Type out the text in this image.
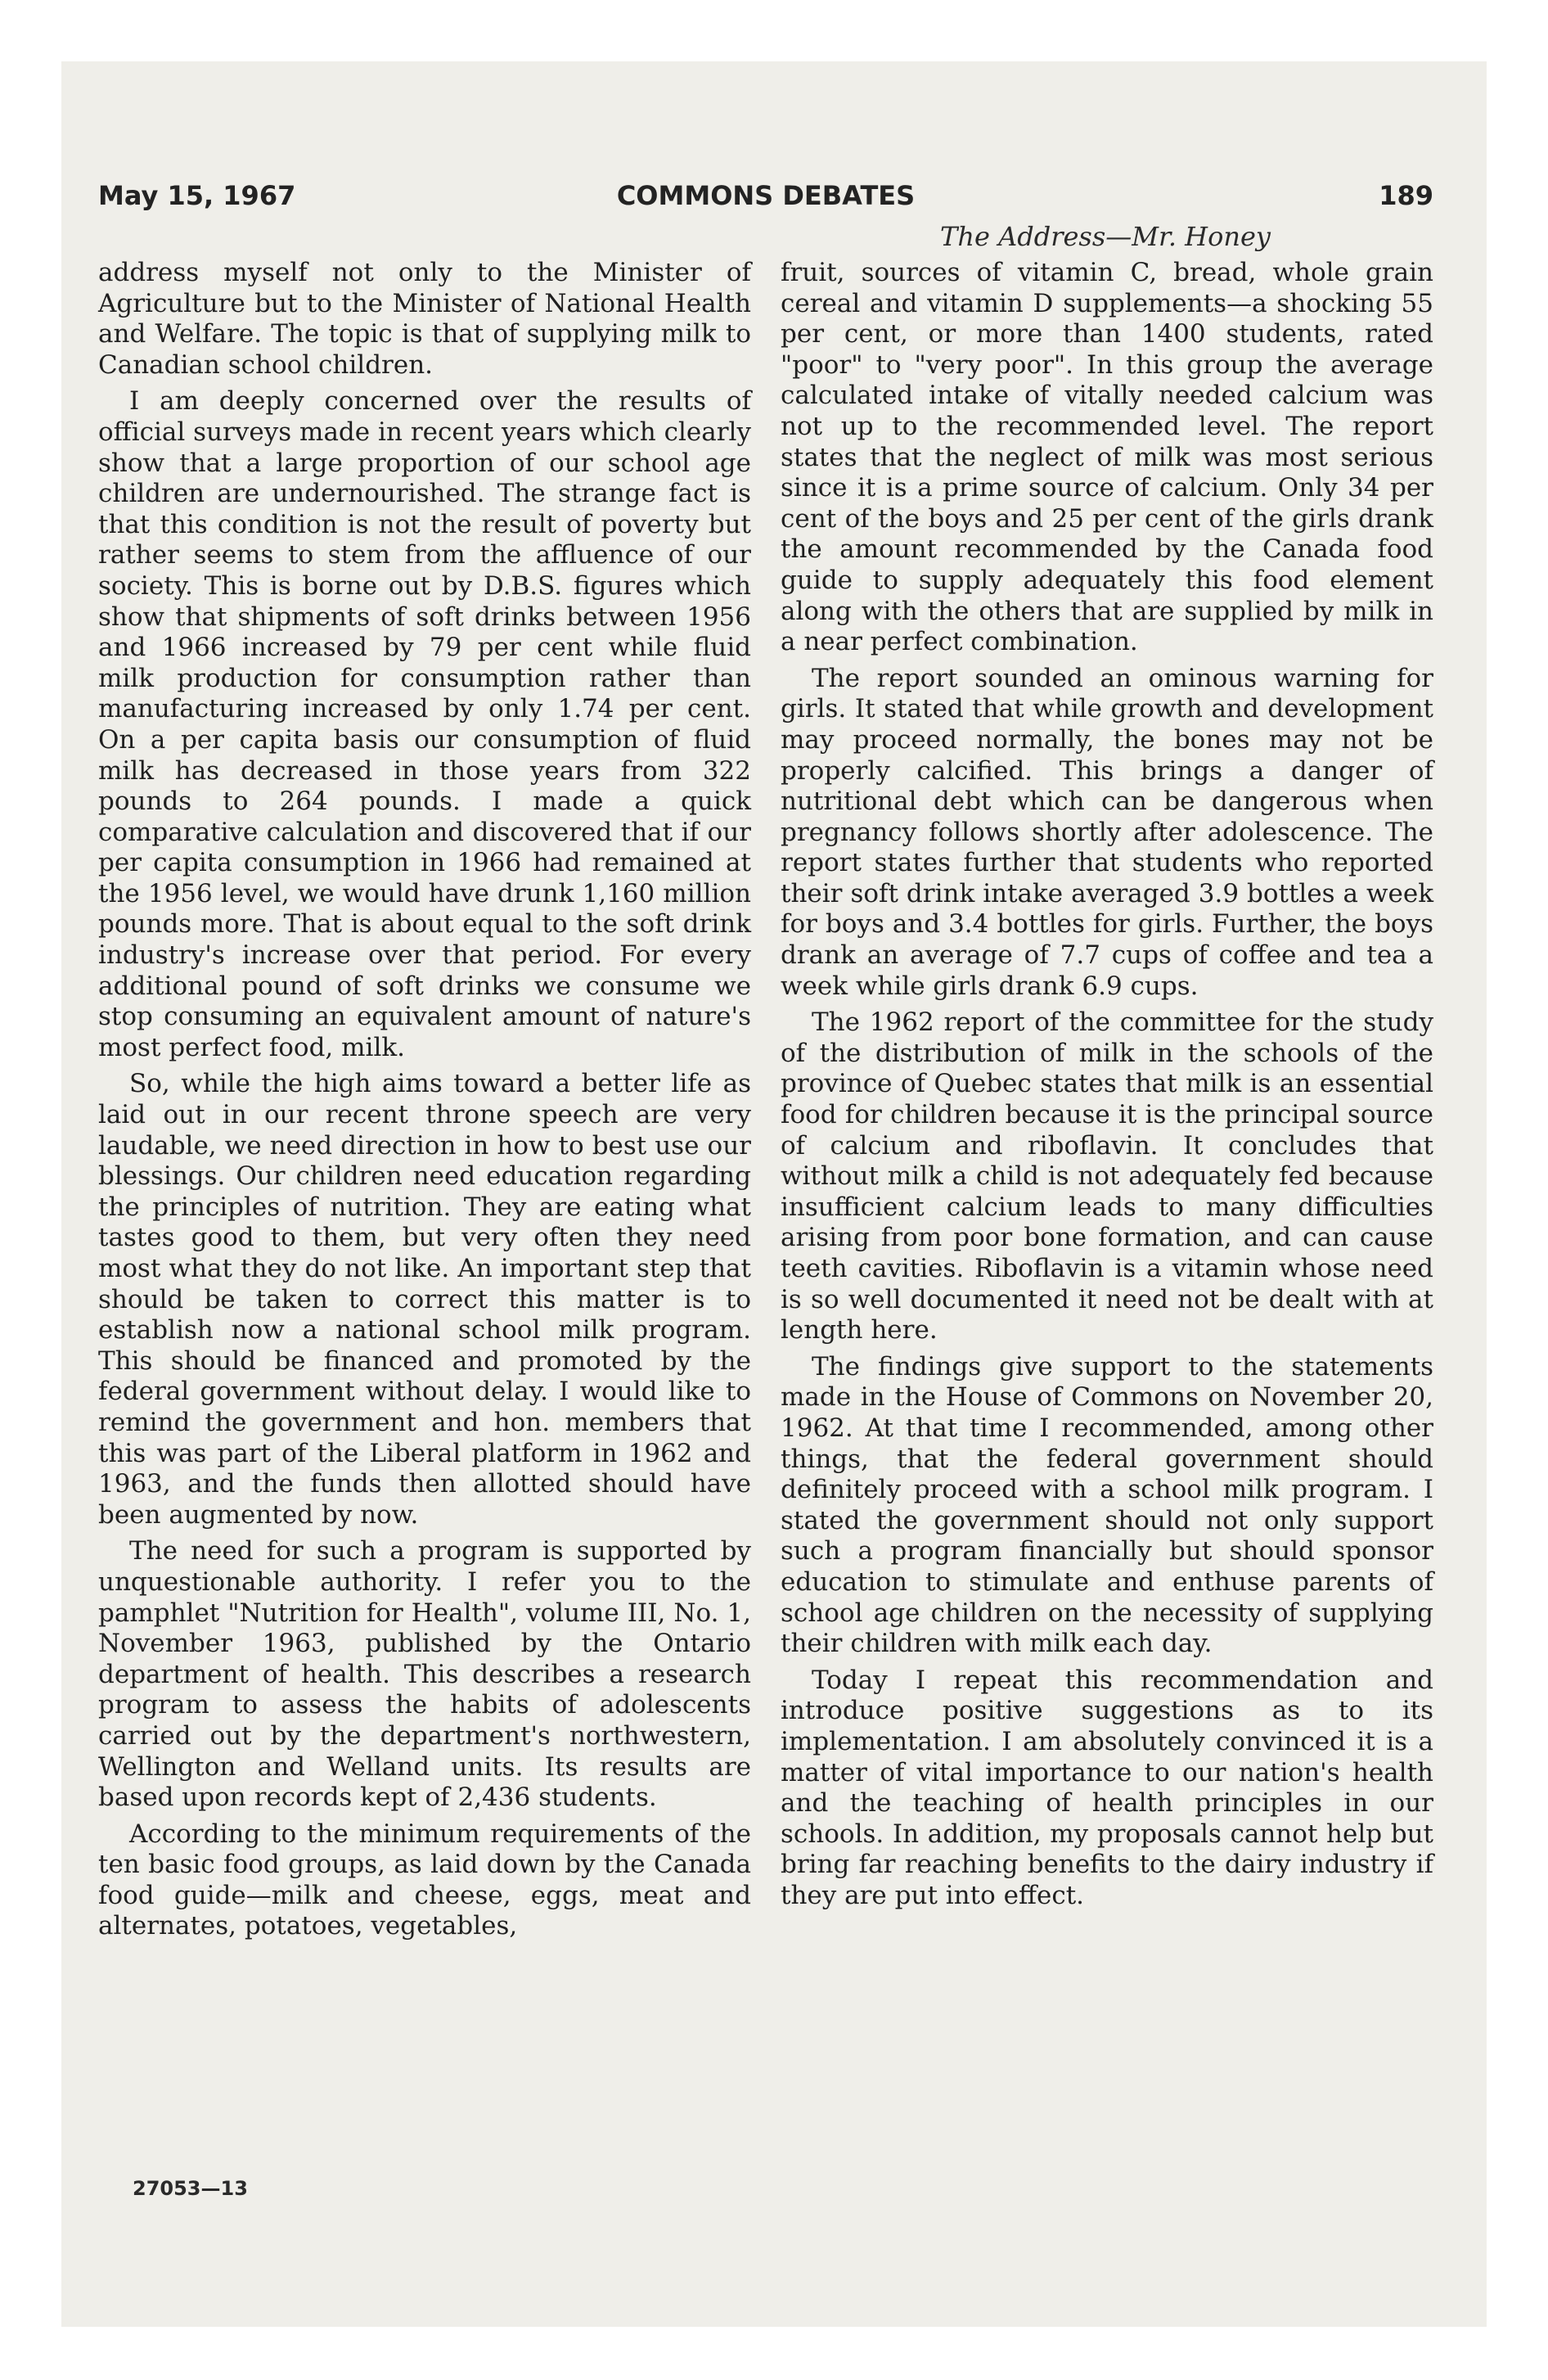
May 15, 1967	COMMONS DEBATES	189
The Address—Mr. Honey

address myself not only to the Minister of Agriculture but to the Minister of National Health and Welfare. The topic is that of supplying milk to Canadian school children.

I am deeply concerned over the results of official surveys made in recent years which clearly show that a large proportion of our school age children are undernourished. The strange fact is that this condition is not the result of poverty but rather seems to stem from the affluence of our society. This is borne out by D.B.S. figures which show that shipments of soft drinks between 1956 and 1966 increased by 79 per cent while fluid milk production for consumption rather than manufacturing increased by only 1.74 per cent. On a per capita basis our consumption of fluid milk has decreased in those years from 322 pounds to 264 pounds. I made a quick comparative calculation and discovered that if our per capita consumption in 1966 had remained at the 1956 level, we would have drunk 1,160 million pounds more. That is about equal to the soft drink industry's increase over that period. For every additional pound of soft drinks we consume we stop consuming an equivalent amount of nature's most perfect food, milk.

So, while the high aims toward a better life as laid out in our recent throne speech are very laudable, we need direction in how to best use our blessings. Our children need education regarding the principles of nutrition. They are eating what tastes good to them, but very often they need most what they do not like. An important step that should be taken to correct this matter is to establish now a national school milk program. This should be financed and promoted by the federal government without delay. I would like to remind the government and hon. members that this was part of the Liberal platform in 1962 and 1963, and the funds then allotted should have been augmented by now.

The need for such a program is supported by unquestionable authority. I refer you to the pamphlet "Nutrition for Health", volume III, No. 1, November 1963, published by the Ontario department of health. This describes a research program to assess the habits of adolescents carried out by the department's northwestern, Wellington and Welland units. Its results are based upon records kept of 2,436 students.

According to the minimum requirements of the ten basic food groups, as laid down by the Canada food guide—milk and cheese, eggs, meat and alternates, potatoes, vegetables,

fruit, sources of vitamin C, bread, whole grain cereal and vitamin D supplements—a shocking 55 per cent, or more than 1400 students, rated "poor" to "very poor". In this group the average calculated intake of vitally needed calcium was not up to the recommended level. The report states that the neglect of milk was most serious since it is a prime source of calcium. Only 34 per cent of the boys and 25 per cent of the girls drank the amount recommended by the Canada food guide to supply adequately this food element along with the others that are supplied by milk in a near perfect combination.

The report sounded an ominous warning for girls. It stated that while growth and development may proceed normally, the bones may not be properly calcified. This brings a danger of nutritional debt which can be dangerous when pregnancy follows shortly after adolescence. The report states further that students who reported their soft drink intake averaged 3.9 bottles a week for boys and 3.4 bottles for girls. Further, the boys drank an average of 7.7 cups of coffee and tea a week while girls drank 6.9 cups.

The 1962 report of the committee for the study of the distribution of milk in the schools of the province of Quebec states that milk is an essential food for children because it is the principal source of calcium and riboflavin. It concludes that without milk a child is not adequately fed because insufficient calcium leads to many difficulties arising from poor bone formation, and can cause teeth cavities. Riboflavin is a vitamin whose need is so well documented it need not be dealt with at length here.

The findings give support to the statements made in the House of Commons on November 20, 1962. At that time I recommended, among other things, that the federal government should definitely proceed with a school milk program. I stated the government should not only support such a program financially but should sponsor education to stimulate and enthuse parents of school age children on the necessity of supplying their children with milk each day.

Today I repeat this recommendation and introduce positive suggestions as to its implementation. I am absolutely convinced it is a matter of vital importance to our nation's health and the teaching of health principles in our schools. In addition, my proposals cannot help but bring far reaching benefits to the dairy industry if they are put into effect.

27053—13
